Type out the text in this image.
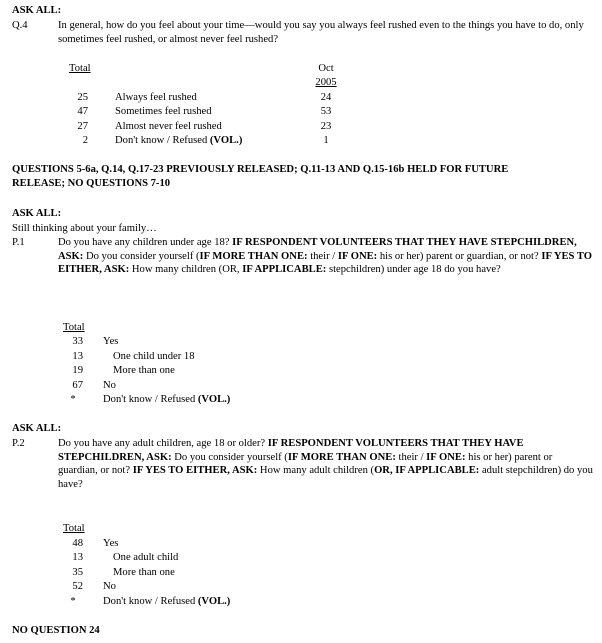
ASK ALL:
Q.4	In general, how do you feel about your time—would you say you always feel rushed even to the things you have to do, only sometimes feel rushed, or almost never feel rushed?
Total	Oct
2005
25	Always feel rushed	24
47	Sometimes feel rushed	53
27	Almost never feel rushed	23
2	Don't know / Refused (VOL.)	1
QUESTIONS 5-6a, Q.14, Q.17-23 PREVIOUSLY RELEASED; Q.11-13 AND Q.15-16b HELD FOR FUTURE
RELEASE; NO QUESTIONS 7-10
ASK ALL:
Still thinking about your family…
P.1	Do you have any children under age 18? IF RESPONDENT VOLUNTEERS THAT THEY HAVE STEPCHILDREN, ASK: Do you consider yourself (IF MORE THAN ONE: their / IF ONE: his or her) parent or guardian, or not? IF YES TO EITHER, ASK: How many children (OR, IF APPLICABLE: stepchildren) under age 18 do you have?
Total
33 Yes
13	One child under 18
19	More than one
67 No
*	Don't know / Refused (VOL.)
ASK ALL:
P.2	Do you have any adult children, age 18 or older? IF RESPONDENT VOLUNTEERS THAT THEY HAVE STEPCHILDREN, ASK: Do you consider yourself (IF MORE THAN ONE: their / IF ONE: his or her) parent or guardian, or not? IF YES TO EITHER, ASK: How many adult children (OR, IF APPLICABLE: adult stepchildren) do you have?
Total
48 Yes
13	One adult child
35	More than one
52 No
*	Don't know / Refused (VOL.)
NO QUESTION 24
